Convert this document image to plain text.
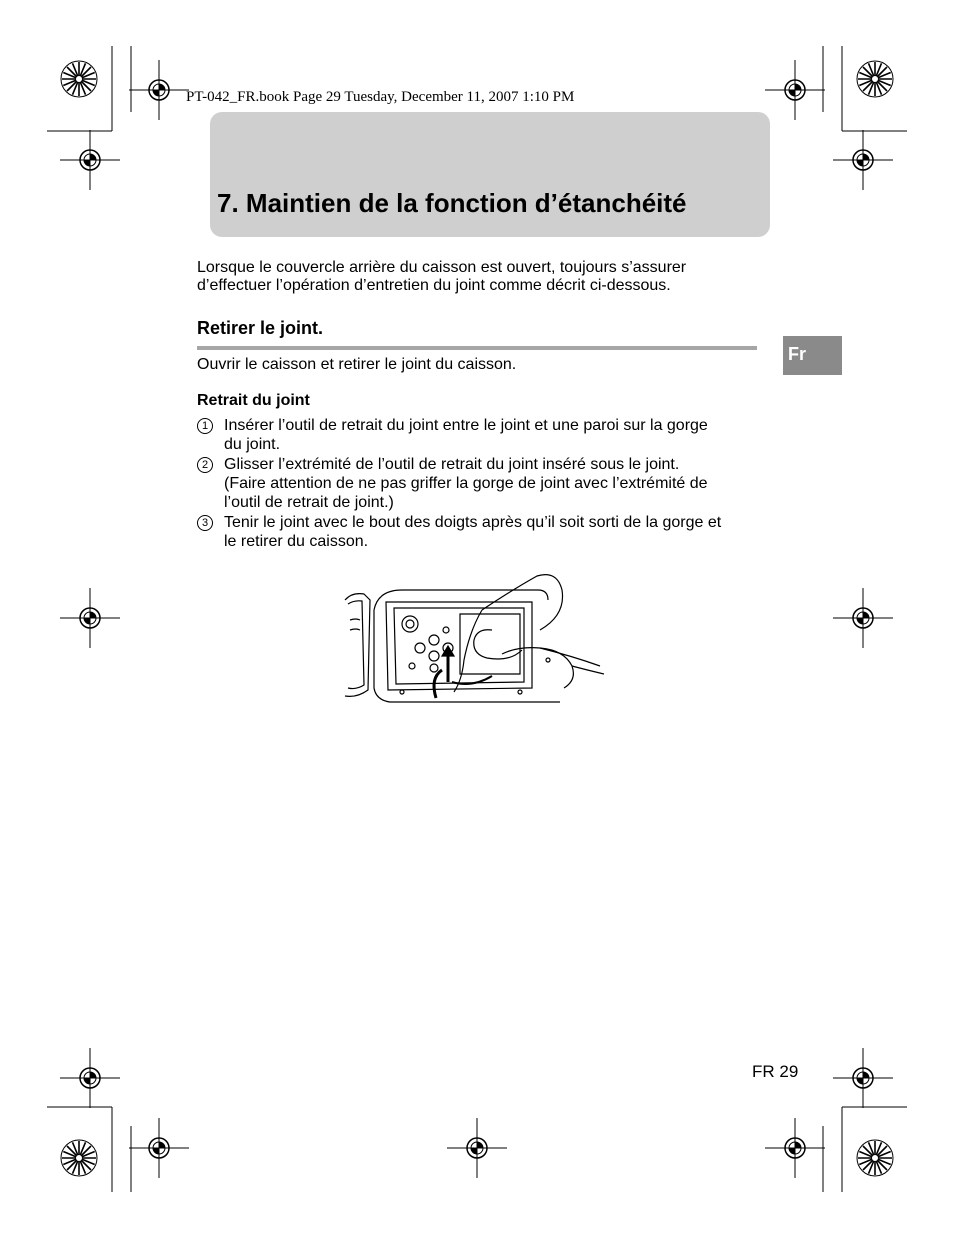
PT-042_FR.book Page 29 Tuesday, December 11, 2007 1:10 PM
7. Maintien de la fonction d’étanchéité

Lorsque le couvercle arrière du caisson est ouvert, toujours s’assurer

d’effectuer l’opération d’entretien du joint comme décrit ci-dessous.

Retirer le joint.
Ouvrir le caisson et retirer le joint du caisson.
Fr
Retrait du joint
1 Insérer l’outil de retrait du joint entre le joint et une paroi sur la gorge
du joint.
2 Glisser l’extrémité de l’outil de retrait du joint inséré sous le joint.
(Faire attention de ne pas griffer la gorge de joint avec l’extrémité de
l’outil de retrait de joint.)
3 Tenir le joint avec le bout des doigts après qu’il soit sorti de la gorge et
le retirer du caisson.
FR 29
